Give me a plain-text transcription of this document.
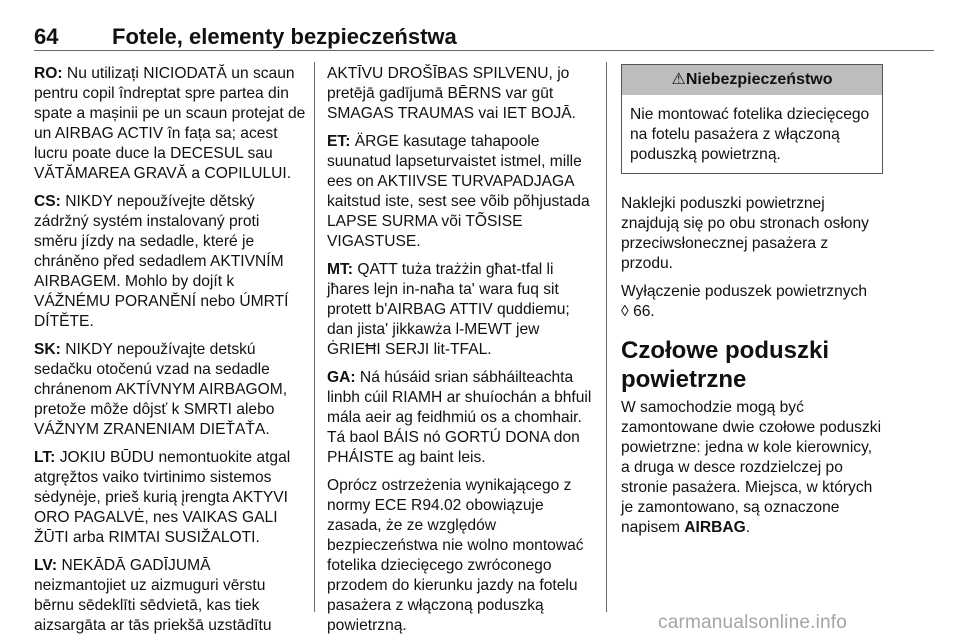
64 Fotele, elementy bezpieczeństwa

RO: Nu utilizați NICIODATĂ un scaun pentru copil îndreptat spre partea din spate a mașinii pe un scaun protejat de un AIRBAG ACTIV în fața sa; acest lucru poate duce la DECESUL sau VĂTĂMAREA GRAVĂ a COPILULUI.

CS: NIKDY nepoužívejte dětský zádržný systém instalovaný proti směru jízdy na sedadle, které je chráněno před sedadlem AKTIVNÍM AIRBAGEM. Mohlo by dojít k VÁŽNÉMU PORANĚNÍ nebo ÚMRTÍ DÍTĚTE.

SK: NIKDY nepoužívajte detskú sedačku otočenú vzad na sedadle chránenom AKTÍVNYM AIRBAGOM, pretože môže dôjsť k SMRTI alebo VÁŽNYM ZRANENIAM DIEŤAŤA.

LT: JOKIU BŪDU nemontuokite atgal atgręžtos vaiko tvirtinimo sistemos sėdynėje, prieš kurią įrengta AKTYVI ORO PAGALVĖ, nes VAIKAS GALI ŽŪTI arba RIMTAI SUSIŽALOTI.

LV: NEKĀDĀ GADĪJUMĀ neizmantojiet uz aizmuguri vērstu bērnu sēdeklīti sēdvietā, kas tiek aizsargāta ar tās priekšā uzstādītu

AKTĪVU DROŠĪBAS SPILVENU, jo pretējā gadījumā BĒRNS var gūt SMAGAS TRAUMAS vai IET BOJĀ.

ET: ÄRGE kasutage tahapoole suunatud lapseturvaistet istmel, mille ees on AKTIIVSE TURVAPADJAGA kaitstud iste, sest see võib põhjustada LAPSE SURMA või TÕSISE VIGASTUSE.

MT: QATT tuża trażżin għat-tfal li jħares lejn in-naħa ta' wara fuq sit protett b'AIRBAG ATTIV quddiemu; dan jista' jikkawża l-MEWT jew ĠRIEĦI SERJI lit-TFAL.

GA: Ná húsáid srian sábháilteachta linbh cúil RIAMH ar shuíochán a bhfuil mála aeir ag feidhmiú os a chomhair. Tá baol BÁIS nó GORTÚ DONA don PHÁISTE ag baint leis.

Oprócz ostrzeżenia wynikającego z normy ECE R94.02 obowiązuje zasada, że ze względów bezpieczeństwa nie wolno montować fotelika dziecięcego zwróconego przodem do kierunku jazdy na fotelu pasażera z włączoną poduszką powietrzną.

⚠Niebezpieczeństwo
Nie montować fotelika dziecięcego na fotelu pasażera z włączoną poduszką powietrzną.

Naklejki poduszki powietrznej znajdują się po obu stronach osłony przeciwsłonecznej pasażera z przodu.

Wyłączenie poduszek powietrznych
◊ 66.

Czołowe poduszki powietrzne

W samochodzie mogą być zamontowane dwie czołowe poduszki powietrzne: jedna w kole kierownicy, a druga w desce rozdzielczej po stronie pasażera. Miejsca, w których je zamontowano, są oznaczone napisem AIRBAG.

carmanualsonline.info
